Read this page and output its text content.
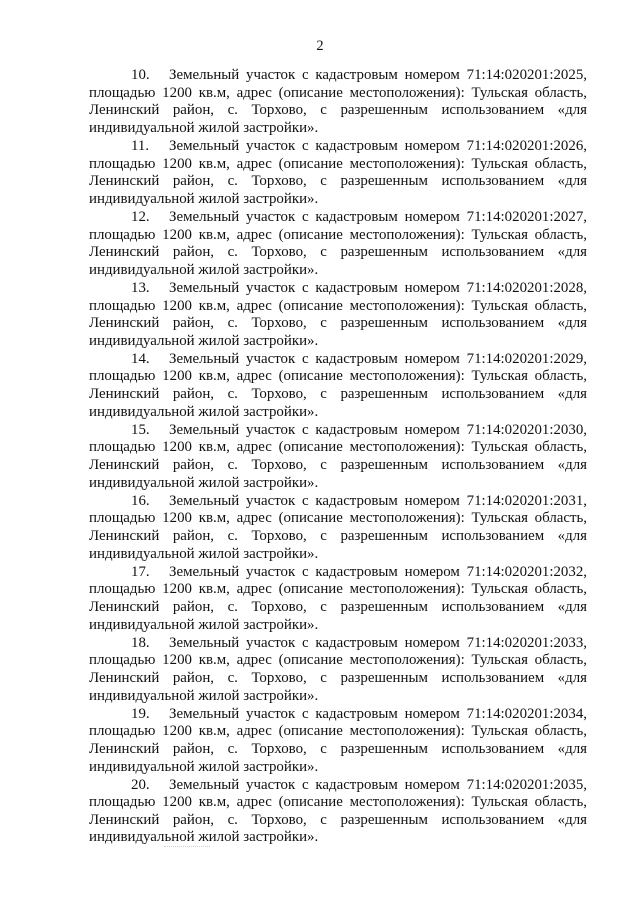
2

10. Земельный участок с кадастровым номером 71:14:020201:2025, площадью 1200 кв.м, адрес (описание местоположения): Тульская область, Ленинский район, с. Торхово, с разрешенным использованием «для индивидуальной жилой застройки».

11. Земельный участок с кадастровым номером 71:14:020201:2026, площадью 1200 кв.м, адрес (описание местоположения): Тульская область, Ленинский район, с. Торхово, с разрешенным использованием «для индивидуальной жилой застройки».

12. Земельный участок с кадастровым номером 71:14:020201:2027, площадью 1200 кв.м, адрес (описание местоположения): Тульская область, Ленинский район, с. Торхово, с разрешенным использованием «для индивидуальной жилой застройки».

13. Земельный участок с кадастровым номером 71:14:020201:2028, площадью 1200 кв.м, адрес (описание местоположения): Тульская область, Ленинский район, с. Торхово, с разрешенным использованием «для индивидуальной жилой застройки».

14. Земельный участок с кадастровым номером 71:14:020201:2029, площадью 1200 кв.м, адрес (описание местоположения): Тульская область, Ленинский район, с. Торхово, с разрешенным использованием «для индивидуальной жилой застройки».

15. Земельный участок с кадастровым номером 71:14:020201:2030, площадью 1200 кв.м, адрес (описание местоположения): Тульская область, Ленинский район, с. Торхово, с разрешенным использованием «для индивидуальной жилой застройки».

16. Земельный участок с кадастровым номером 71:14:020201:2031, площадью 1200 кв.м, адрес (описание местоположения): Тульская область, Ленинский район, с. Торхово, с разрешенным использованием «для индивидуальной жилой застройки».

17. Земельный участок с кадастровым номером 71:14:020201:2032, площадью 1200 кв.м, адрес (описание местоположения): Тульская область, Ленинский район, с. Торхово, с разрешенным использованием «для индивидуальной жилой застройки».

18. Земельный участок с кадастровым номером 71:14:020201:2033, площадью 1200 кв.м, адрес (описание местоположения): Тульская область, Ленинский район, с. Торхово, с разрешенным использованием «для индивидуальной жилой застройки».

19. Земельный участок с кадастровым номером 71:14:020201:2034, площадью 1200 кв.м, адрес (описание местоположения): Тульская область, Ленинский район, с. Торхово, с разрешенным использованием «для индивидуальной жилой застройки».

20. Земельный участок с кадастровым номером 71:14:020201:2035, площадью 1200 кв.м, адрес (описание местоположения): Тульская область, Ленинский район, с. Торхово, с разрешенным использованием «для индивидуальной жилой застройки».
